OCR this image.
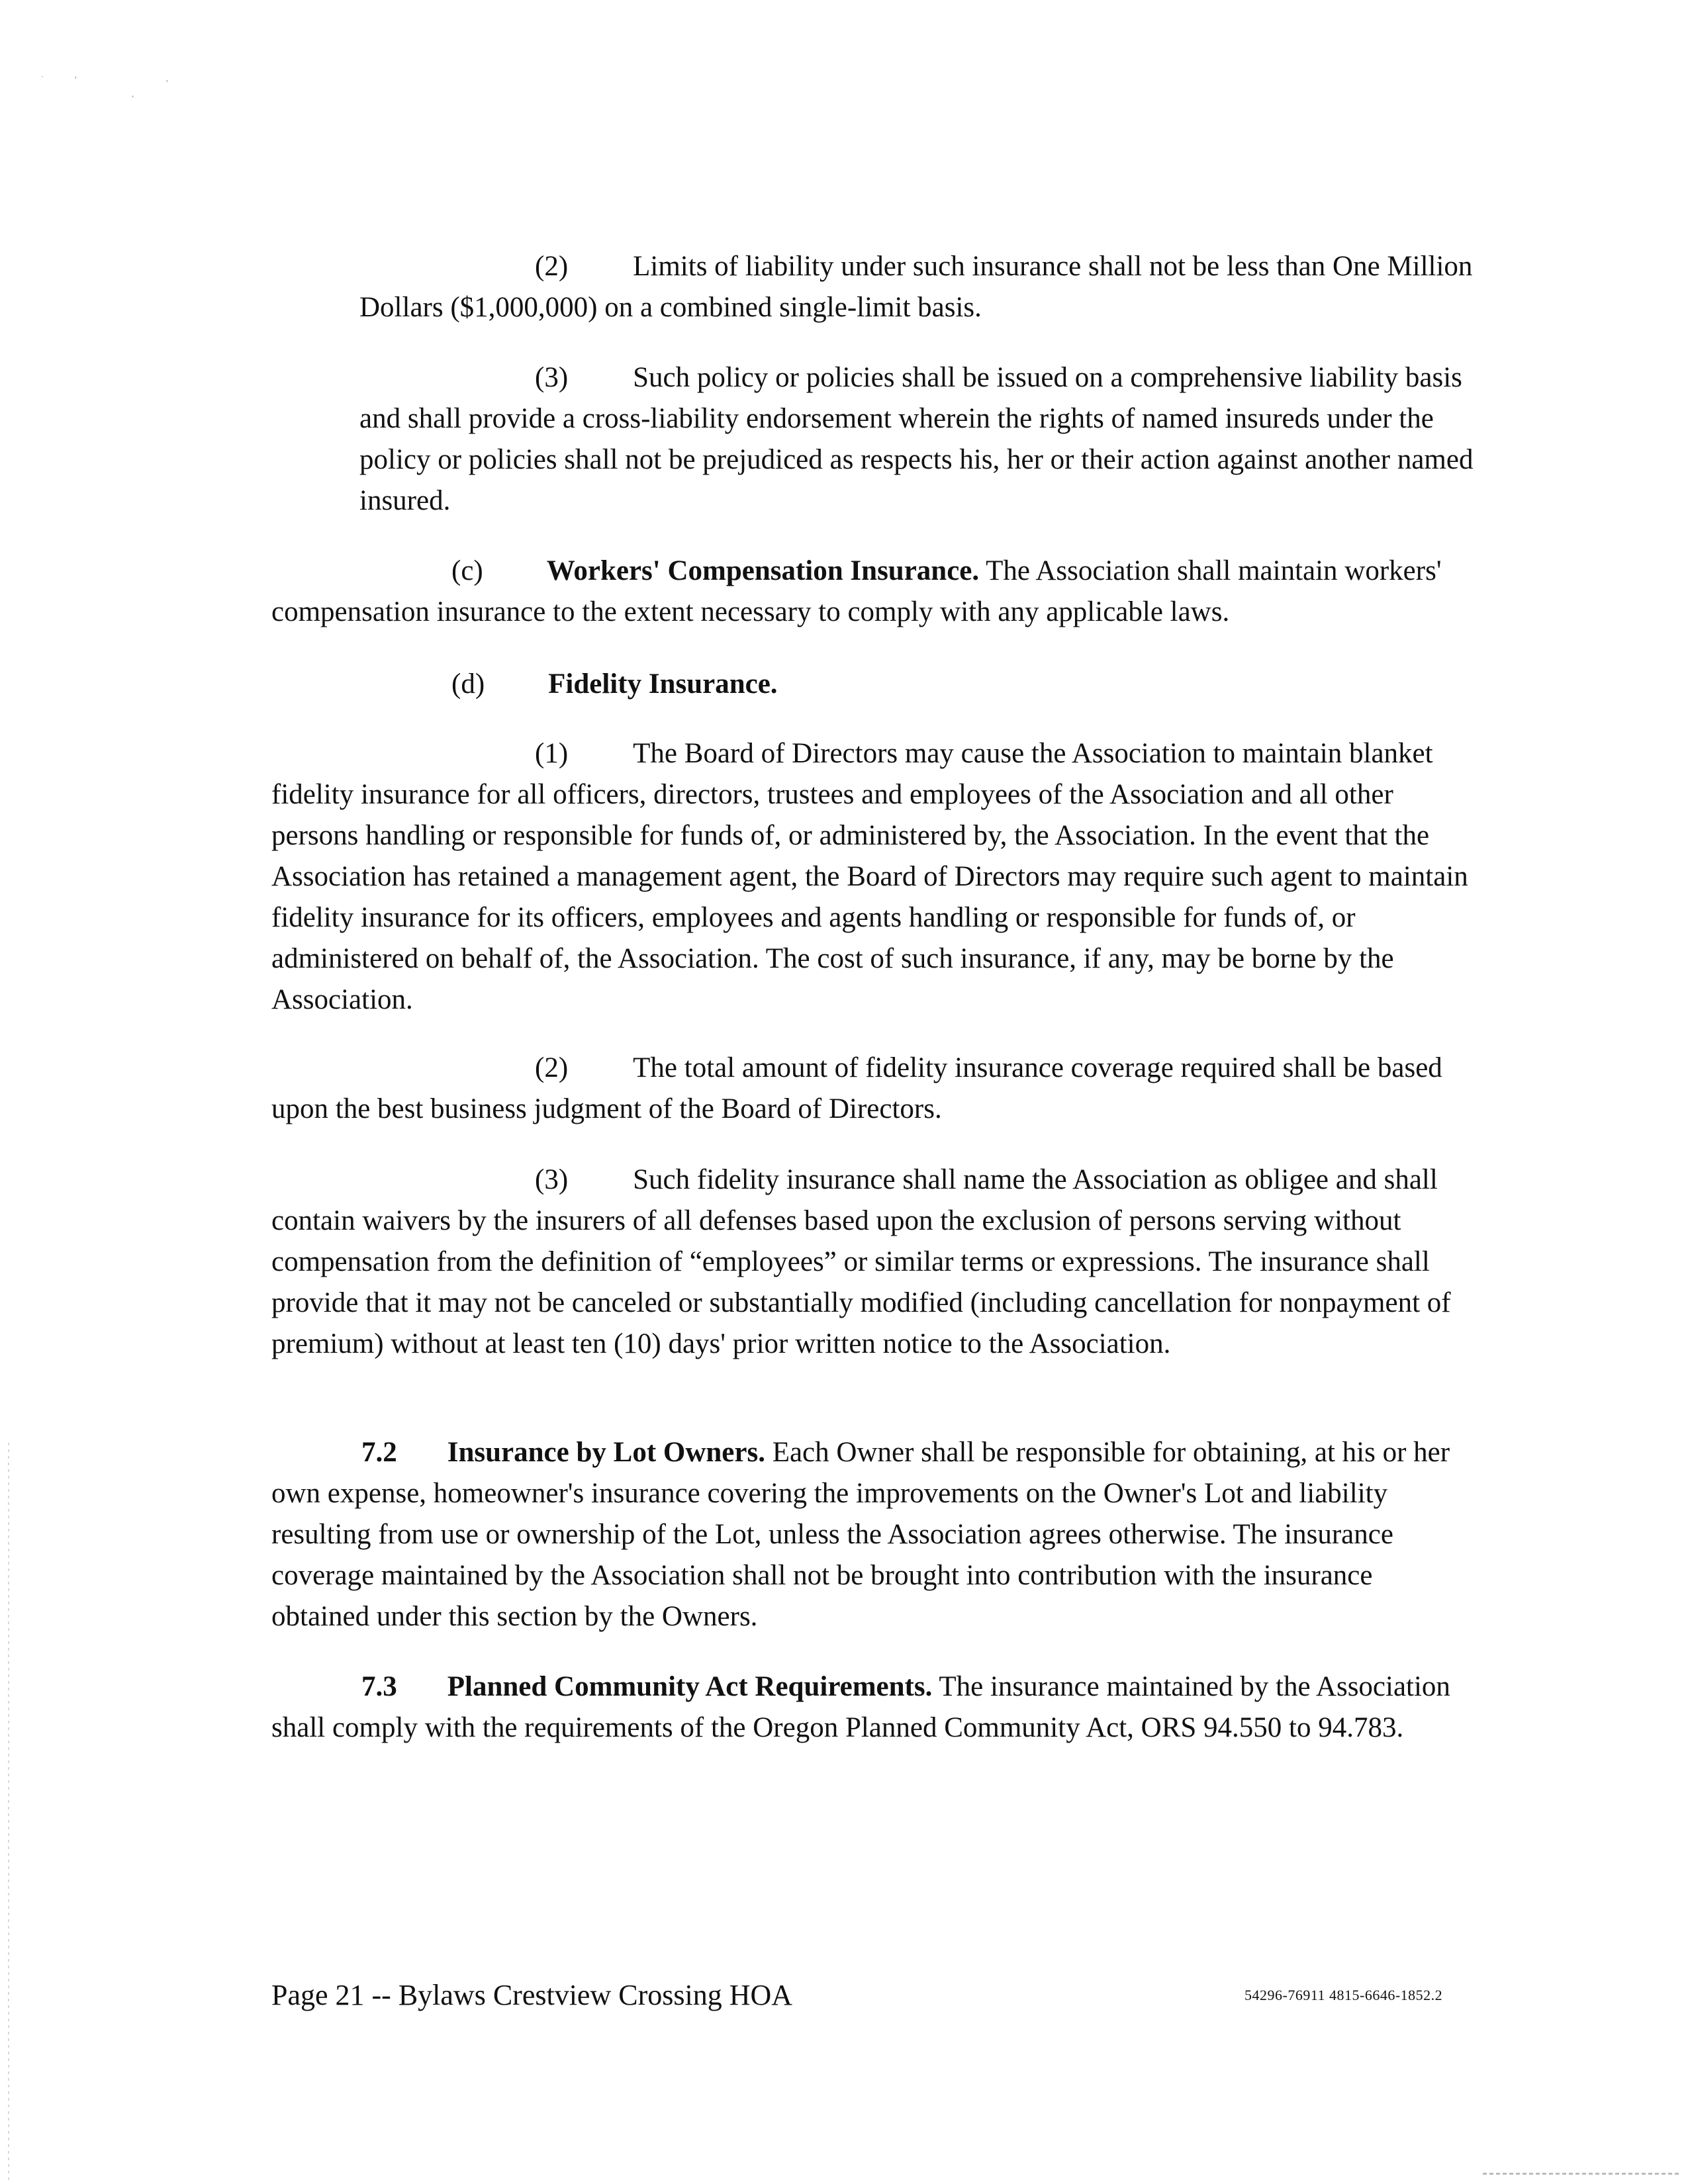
˙	‘
¸
ʼ

(2) Limits of liability under such insurance shall not be less than One Million Dollars ($1,000,000) on a combined single-limit basis.

(3) Such policy or policies shall be issued on a comprehensive liability basis and shall provide a cross-liability endorsement wherein the rights of named insureds under the policy or policies shall not be prejudiced as respects his, her or their action against another named insured.

(c) Workers' Compensation Insurance. The Association shall maintain workers' compensation insurance to the extent necessary to comply with any applicable laws.

(d) Fidelity Insurance.

(1) The Board of Directors may cause the Association to maintain blanket fidelity insurance for all officers, directors, trustees and employees of the Association and all other persons handling or responsible for funds of, or administered by, the Association. In the event that the Association has retained a management agent, the Board of Directors may require such agent to maintain fidelity insurance for its officers, employees and agents handling or responsible for funds of, or administered on behalf of, the Association. The cost of such insurance, if any, may be borne by the Association.

(2) The total amount of fidelity insurance coverage required shall be based upon the best business judgment of the Board of Directors.

(3) Such fidelity insurance shall name the Association as obligee and shall contain waivers by the insurers of all defenses based upon the exclusion of persons serving without compensation from the definition of “employees” or similar terms or expressions. The insurance shall provide that it may not be canceled or substantially modified (including cancellation for nonpayment of premium) without at least ten (10) days' prior written notice to the Association.

7.2 Insurance by Lot Owners. Each Owner shall be responsible for obtaining, at his or her own expense, homeowner's insurance covering the improvements on the Owner's Lot and liability resulting from use or ownership of the Lot, unless the Association agrees otherwise. The insurance coverage maintained by the Association shall not be brought into contribution with the insurance obtained under this section by the Owners.

7.3 Planned Community Act Requirements. The insurance maintained by the Association shall comply with the requirements of the Oregon Planned Community Act, ORS 94.550 to 94.783.

Page 21 -- Bylaws Crestview Crossing HOA	54296-76911 4815-6646-1852.2
